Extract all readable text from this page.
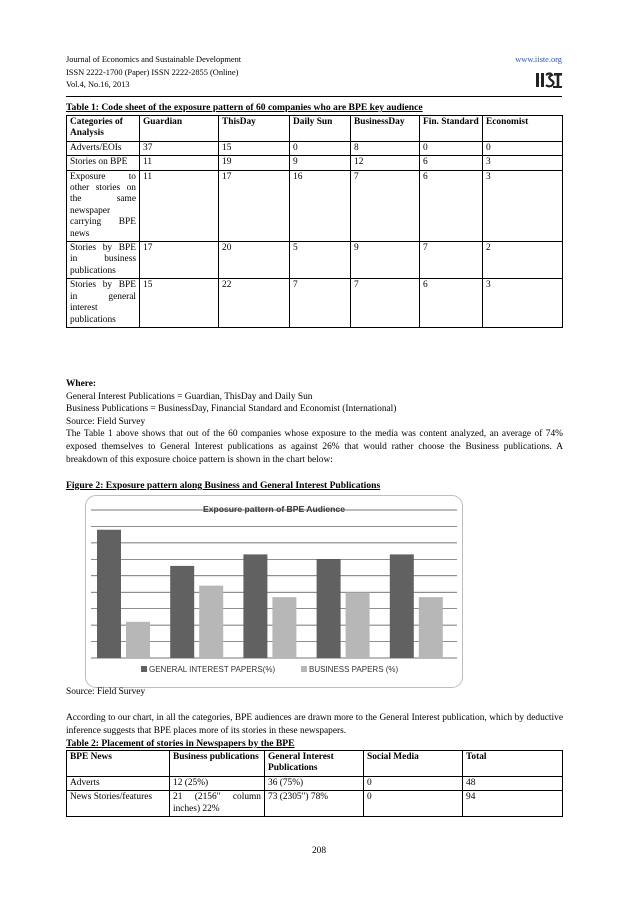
Journal of Economics and Sustainable Development
ISSN 2222-1700 (Paper) ISSN 2222-2855 (Online)
Vol.4, No.16, 2013
www.iiste.org
Table 1: Code sheet of the exposure pattern of 60 companies who are BPE key audience
Categories of Analysis	Guardian	ThisDay	Daily Sun	BusinessDay	Fin. Standard	Economist
Adverts/EOIs	37	15	0	8	0	0
Stories on BPE	11	19	9	12	6	3
Exposure to other stories on the same newspaper carrying BPE news	11	17	16	7	6	3
Stories by BPE in business publications	17	20	5	9	7	2
Stories by BPE in general interest publications	15	22	7	7	6	3
Where:
General Interest Publications = Guardian, ThisDay and Daily Sun
Business Publications = BusinessDay, Financial Standard and Economist (International)
Source: Field Survey
The Table 1 above shows that out of the 60 companies whose exposure to the media was content analyzed, an average of 74% exposed themselves to General Interest publications as against 26% that would rather choose the Business publications. A breakdown of this exposure choice pattern is shown in the chart below:
Figure 2: Exposure pattern along Business and General Interest Publications
Exposure pattern of BPE Audience
GENERAL INTEREST PAPERS(%)	BUSINESS PAPERS (%)
Source: Field Survey
According to our chart, in all the categories, BPE audiences are drawn more to the General Interest publication, which by deductive inference suggests that BPE places more of its stories in these newspapers.
Table 2: Placement of stories in Newspapers by the BPE
BPE News	Business publications	General Interest Publications	Social Media	Total
Adverts	12 (25%)	36 (75%)	0	48
News Stories/features	21 (2156" column inches) 22%	73 (2305") 78%	0	94
208
